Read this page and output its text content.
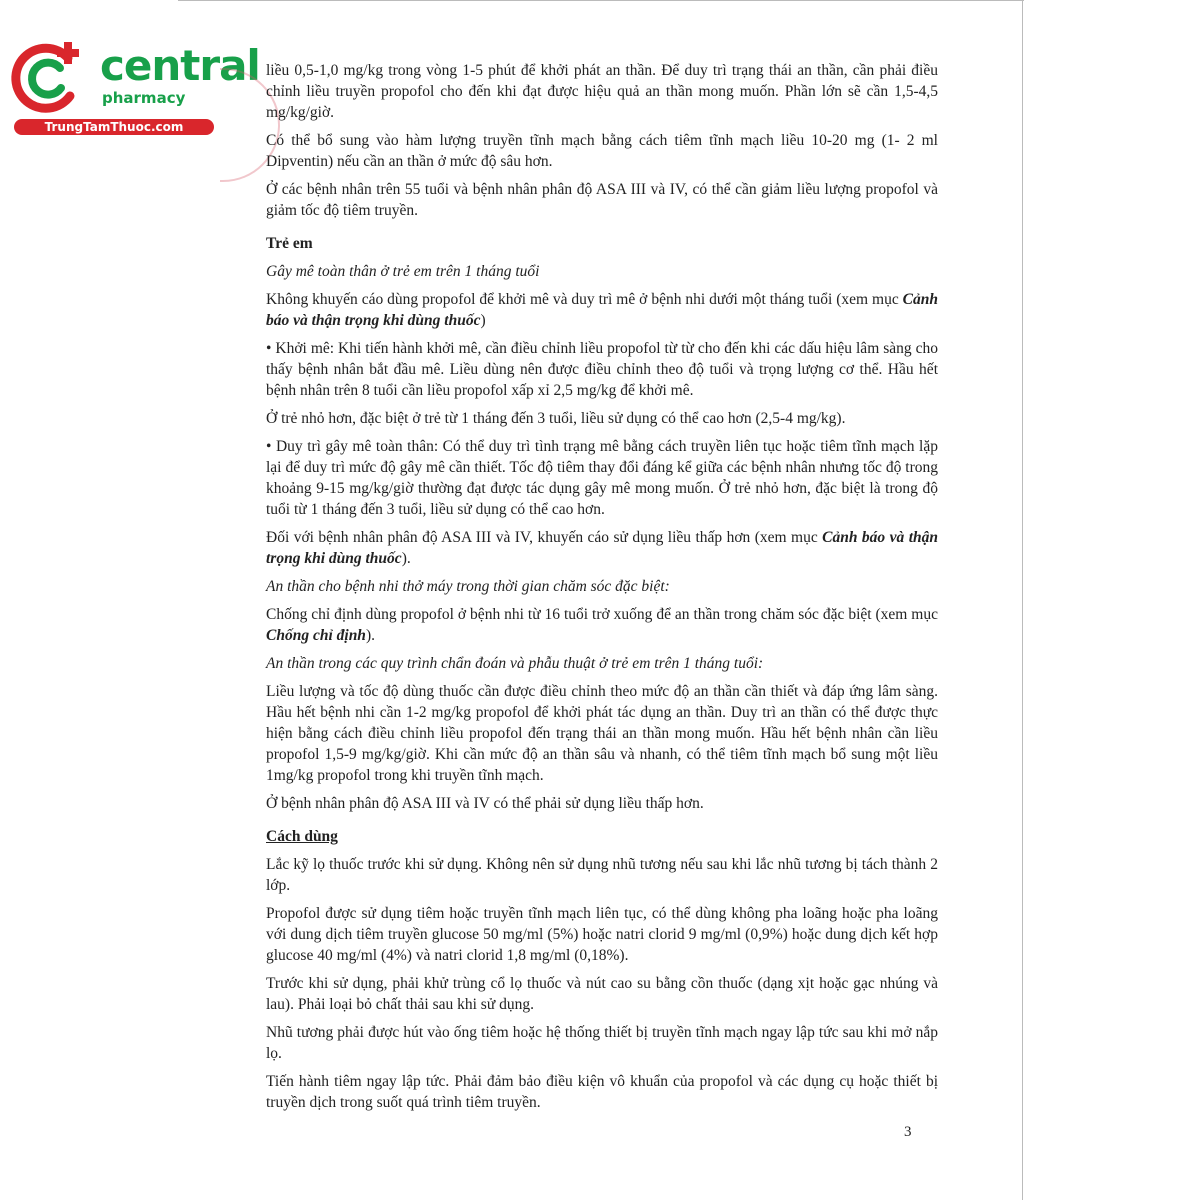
central
pharmacy
TrungTamThuoc.com

liều 0,5-1,0 mg/kg trong vòng 1-5 phút để khởi phát an thần. Để duy trì trạng thái an thần, cần phải điều chỉnh liều truyền propofol cho đến khi đạt được hiệu quả an thần mong muốn. Phần lớn sẽ cần 1,5-4,5 mg/kg/giờ.

Có thể bổ sung vào hàm lượng truyền tĩnh mạch bằng cách tiêm tĩnh mạch liều 10-20 mg (1- 2 ml Dipventin) nếu cần an thần ở mức độ sâu hơn.

Ở các bệnh nhân trên 55 tuổi và bệnh nhân phân độ ASA III và IV, có thể cần giảm liều lượng propofol và giảm tốc độ tiêm truyền.

Trẻ em

Gây mê toàn thân ở trẻ em trên 1 tháng tuổi

Không khuyến cáo dùng propofol để khởi mê và duy trì mê ở bệnh nhi dưới một tháng tuổi (xem mục Cảnh báo và thận trọng khi dùng thuốc)

• Khởi mê: Khi tiến hành khởi mê, cần điều chỉnh liều propofol từ từ cho đến khi các dấu hiệu lâm sàng cho thấy bệnh nhân bắt đầu mê. Liều dùng nên được điều chỉnh theo độ tuổi và trọng lượng cơ thể. Hầu hết bệnh nhân trên 8 tuổi cần liều propofol xấp xỉ 2,5 mg/kg để khởi mê.

Ở trẻ nhỏ hơn, đặc biệt ở trẻ từ 1 tháng đến 3 tuổi, liều sử dụng có thể cao hơn (2,5-4 mg/kg).

• Duy trì gây mê toàn thân: Có thể duy trì tình trạng mê bằng cách truyền liên tục hoặc tiêm tĩnh mạch lặp lại để duy trì mức độ gây mê cần thiết. Tốc độ tiêm thay đổi đáng kể giữa các bệnh nhân nhưng tốc độ trong khoảng 9-15 mg/kg/giờ thường đạt được tác dụng gây mê mong muốn. Ở trẻ nhỏ hơn, đặc biệt là trong độ tuổi từ 1 tháng đến 3 tuổi, liều sử dụng có thể cao hơn.

Đối với bệnh nhân phân độ ASA III và IV, khuyến cáo sử dụng liều thấp hơn (xem mục Cảnh báo và thận trọng khi dùng thuốc).

An thần cho bệnh nhi thở máy trong thời gian chăm sóc đặc biệt:

Chống chỉ định dùng propofol ở bệnh nhi từ 16 tuổi trở xuống để an thần trong chăm sóc đặc biệt (xem mục Chống chỉ định).

An thần trong các quy trình chẩn đoán và phẫu thuật ở trẻ em trên 1 tháng tuổi:

Liều lượng và tốc độ dùng thuốc cần được điều chỉnh theo mức độ an thần cần thiết và đáp ứng lâm sàng. Hầu hết bệnh nhi cần 1-2 mg/kg propofol để khởi phát tác dụng an thần. Duy trì an thần có thể được thực hiện bằng cách điều chỉnh liều propofol đến trạng thái an thần mong muốn. Hầu hết bệnh nhân cần liều propofol 1,5-9 mg/kg/giờ. Khi cần mức độ an thần sâu và nhanh, có thể tiêm tĩnh mạch bổ sung một liều 1mg/kg propofol trong khi truyền tĩnh mạch.

Ở bệnh nhân phân độ ASA III và IV có thể phải sử dụng liều thấp hơn.

Cách dùng

Lắc kỹ lọ thuốc trước khi sử dụng. Không nên sử dụng nhũ tương nếu sau khi lắc nhũ tương bị tách thành 2 lớp.

Propofol được sử dụng tiêm hoặc truyền tĩnh mạch liên tục, có thể dùng không pha loãng hoặc pha loãng với dung dịch tiêm truyền glucose 50 mg/ml (5%) hoặc natri clorid 9 mg/ml (0,9%) hoặc dung dịch kết hợp glucose 40 mg/ml (4%) và natri clorid 1,8 mg/ml (0,18%).

Trước khi sử dụng, phải khử trùng cổ lọ thuốc và nút cao su bằng cồn thuốc (dạng xịt hoặc gạc nhúng và lau). Phải loại bỏ chất thải sau khi sử dụng.

Nhũ tương phải được hút vào ống tiêm hoặc hệ thống thiết bị truyền tĩnh mạch ngay lập tức sau khi mở nắp lọ.

Tiến hành tiêm ngay lập tức. Phải đảm bảo điều kiện vô khuẩn của propofol và các dụng cụ hoặc thiết bị truyền dịch trong suốt quá trình tiêm truyền.

3
